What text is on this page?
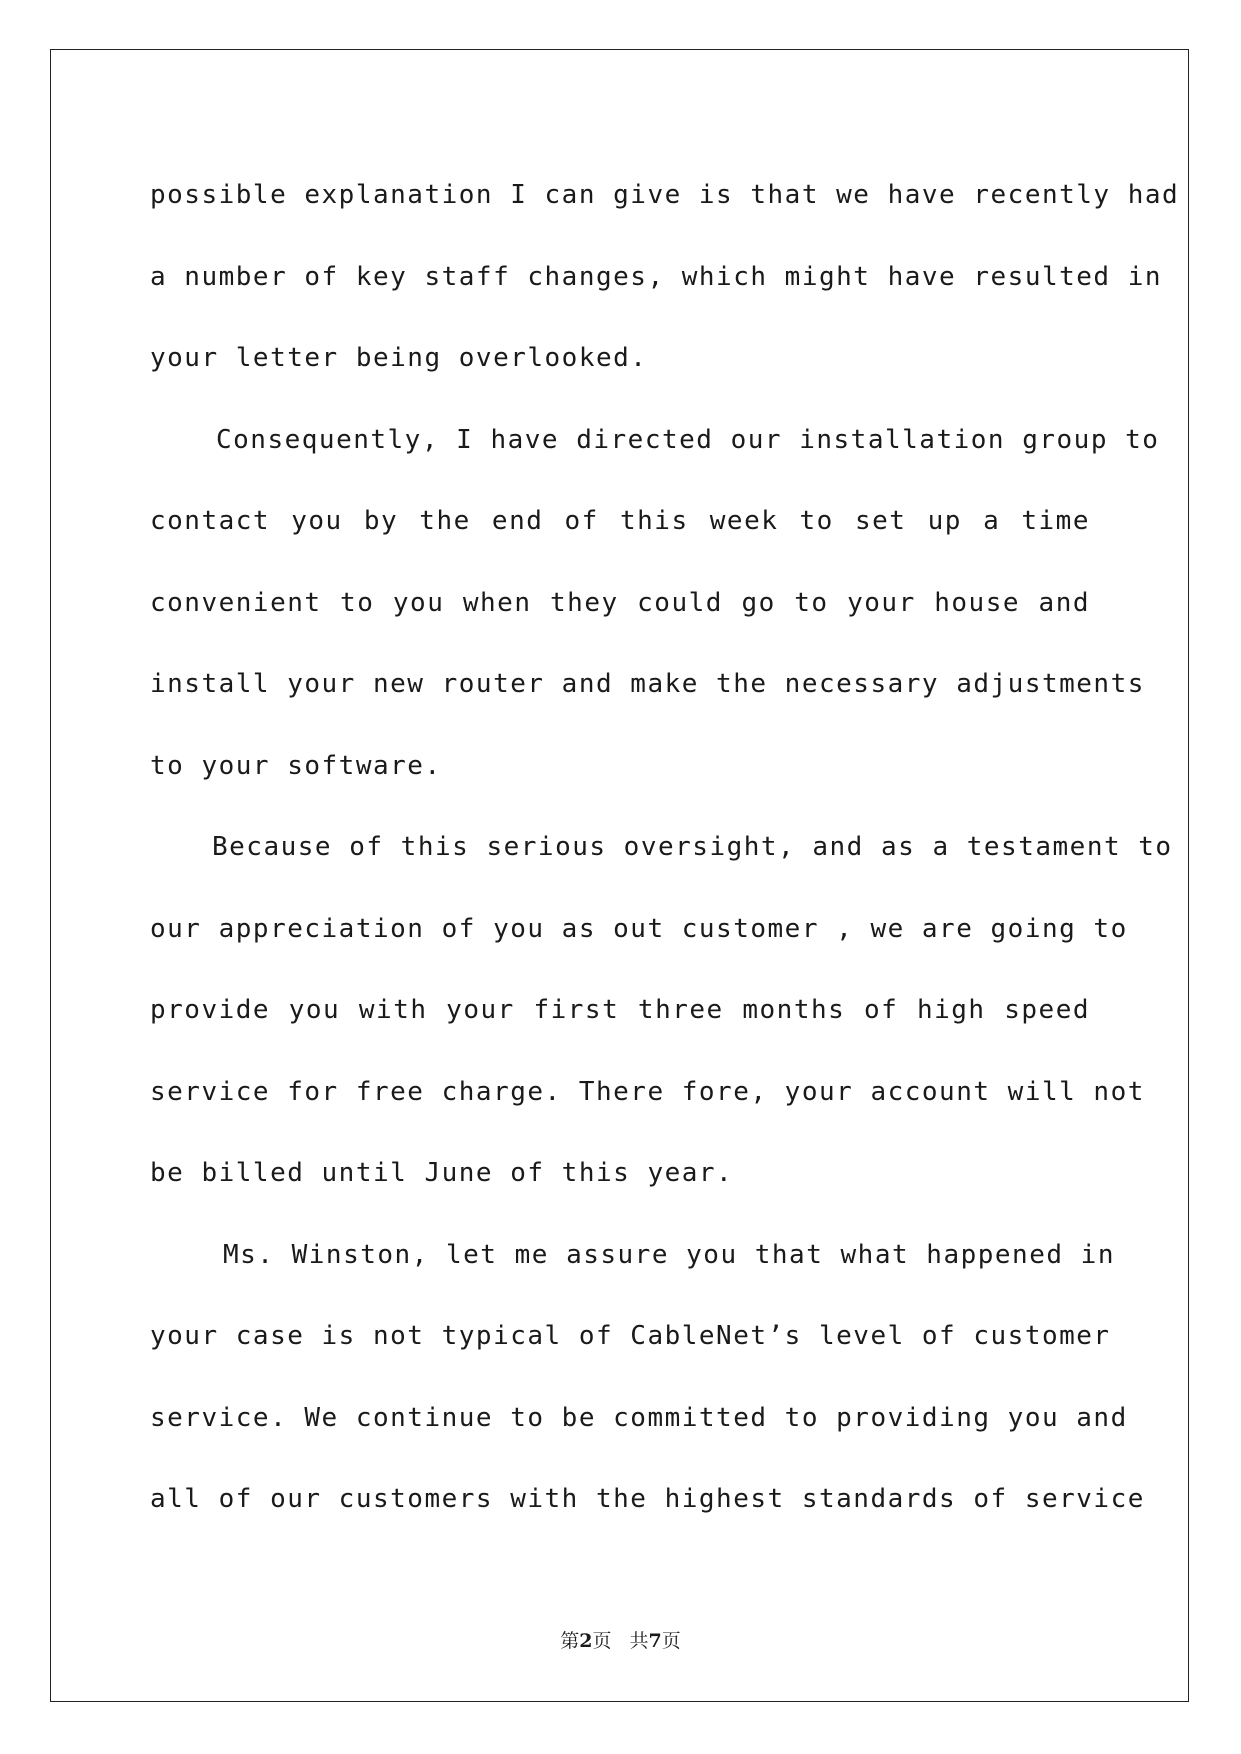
possible explanation I can give is that we have recently had
a number of key staff changes, which might have resulted in
your letter being overlooked.
Consequently, I have directed our installation group to
contact you by the end of this week to set up a time
convenient to you when they could go to your house and
install your new router and make the necessary adjustments
to your software.
Because of this serious oversight, and as a testament to
our appreciation of you as out customer , we are going to
provide you with your first three months of high speed
service for free charge. There fore, your account will not
be billed until June of this year.
Ms. Winston, let me assure you that what happened in
your case is not typical of CableNet’s level of customer
service. We continue to be committed to providing you and
all of our customers with the highest standards of service
第2页 共7页
